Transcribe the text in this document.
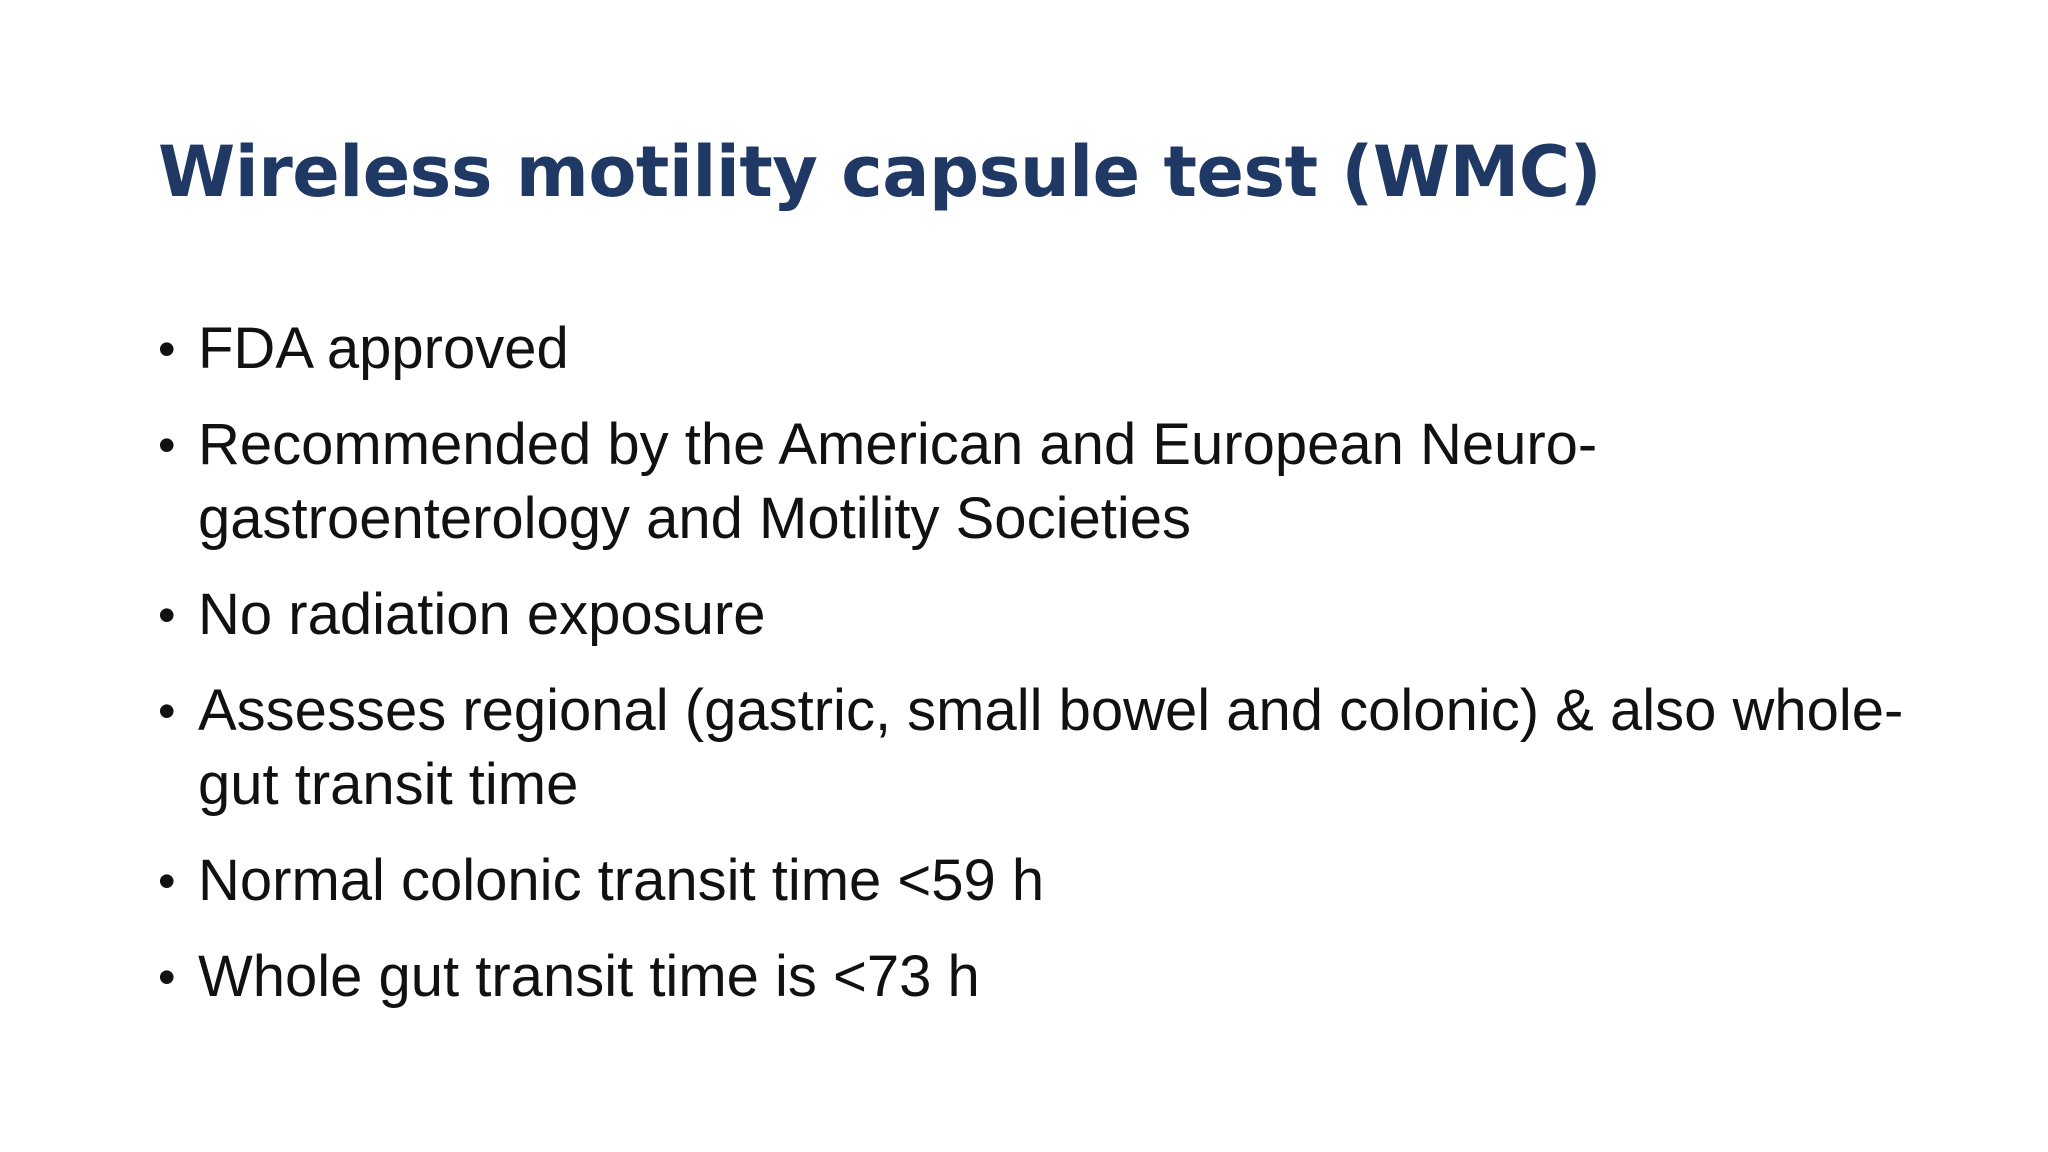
Wireless motility capsule test (WMC)
• FDA approved
• Recommended by the American and European Neuro-gastroenterology and Motility Societies
• No radiation exposure
• Assesses regional (gastric, small bowel and colonic) & also whole-gut transit time
• Normal colonic transit time <59 h
• Whole gut transit time is <73 h
